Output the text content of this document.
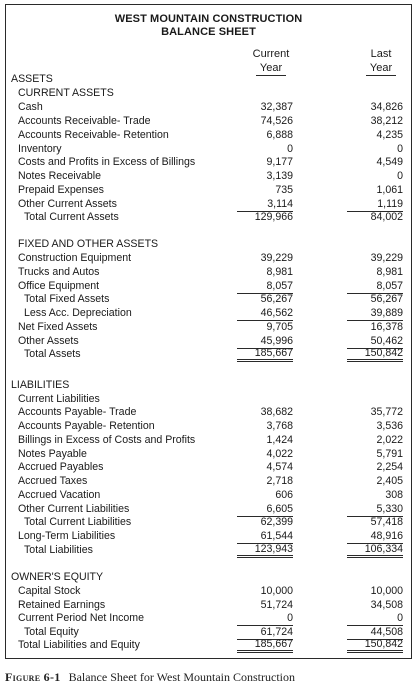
WEST MOUNTAIN CONSTRUCTION
BALANCE SHEET
Current
Year
Last
Year
ASSETS
CURRENT ASSETS
Cash	32,387	34,826
Accounts Receivable- Trade	74,526	38,212
Accounts Receivable- Retention	6,888	4,235
Inventory	0	0
Costs and Profits in Excess of Billings	9,177	4,549
Notes Receivable	3,139	0
Prepaid Expenses	735	1,061
Other Current Assets	3,114	1,119
Total Current Assets	129,966	84,002
FIXED AND OTHER ASSETS
Construction Equipment	39,229	39,229
Trucks and Autos	8,981	8,981
Office Equipment	8,057	8,057
Total Fixed Assets	56,267	56,267
Less Acc. Depreciation	46,562	39,889
Net Fixed Assets	9,705	16,378
Other Assets	45,996	50,462
Total Assets	185,667	150,842
LIABILITIES
Current Liabilities
Accounts Payable- Trade	38,682	35,772
Accounts Payable- Retention	3,768	3,536
Billings in Excess of Costs and Profits	1,424	2,022
Notes Payable	4,022	5,791
Accrued Payables	4,574	2,254
Accrued Taxes	2,718	2,405
Accrued Vacation	606	308
Other Current Liabilities	6,605	5,330
Total Current Liabilities	62,399	57,418
Long-Term Liabilities	61,544	48,916
Total Liabilities	123,943	106,334
OWNER'S EQUITY
Capital Stock	10,000	10,000
Retained Earnings	51,724	34,508
Current Period Net Income	0	0
Total Equity	61,724	44,508
Total Liabilities and Equity	185,667	150,842
Figure 6-1 Balance Sheet for West Mountain Construction
